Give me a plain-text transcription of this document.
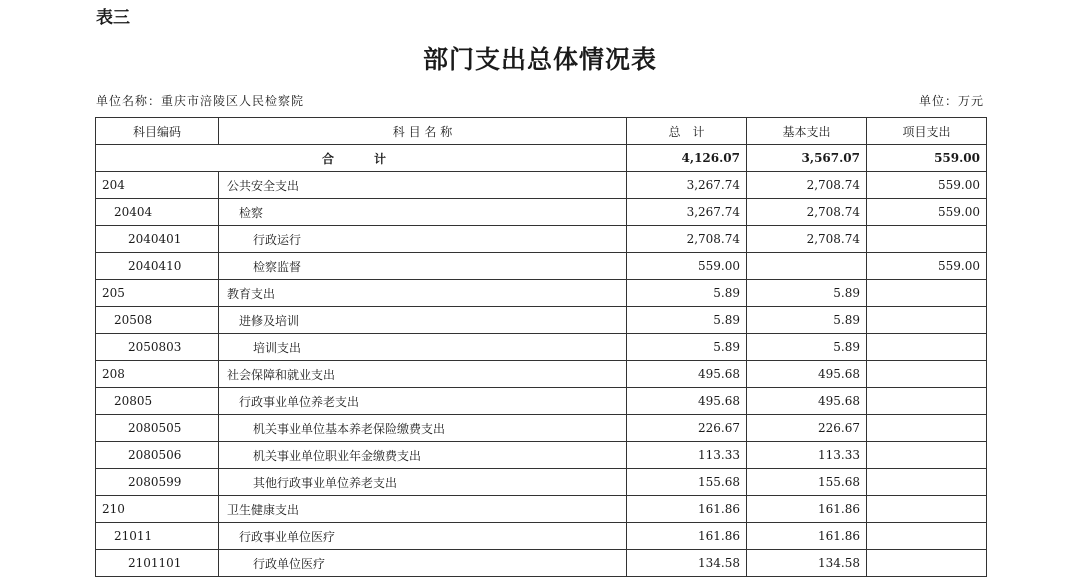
表三
部门支出总体情况表
单位名称：重庆市涪陵区人民检察院	单位：万元
科目编码	科 目 名 称	总　计	基本支出	项目支出
合　计		4,126.07	3,567.07	559.00
204	公共安全支出	3,267.74	2,708.74	559.00
20404	检察	3,267.74	2,708.74	559.00
2040401	行政运行	2,708.74	2,708.74	
2040410	检察监督	559.00		559.00
205	教育支出	5.89	5.89	
20508	进修及培训	5.89	5.89	
2050803	培训支出	5.89	5.89	
208	社会保障和就业支出	495.68	495.68	
20805	行政事业单位养老支出	495.68	495.68	
2080505	机关事业单位基本养老保险缴费支出	226.67	226.67	
2080506	机关事业单位职业年金缴费支出	113.33	113.33	
2080599	其他行政事业单位养老支出	155.68	155.68	
210	卫生健康支出	161.86	161.86	
21011	行政事业单位医疗	161.86	161.86	
2101101	行政单位医疗	134.58	134.58	
